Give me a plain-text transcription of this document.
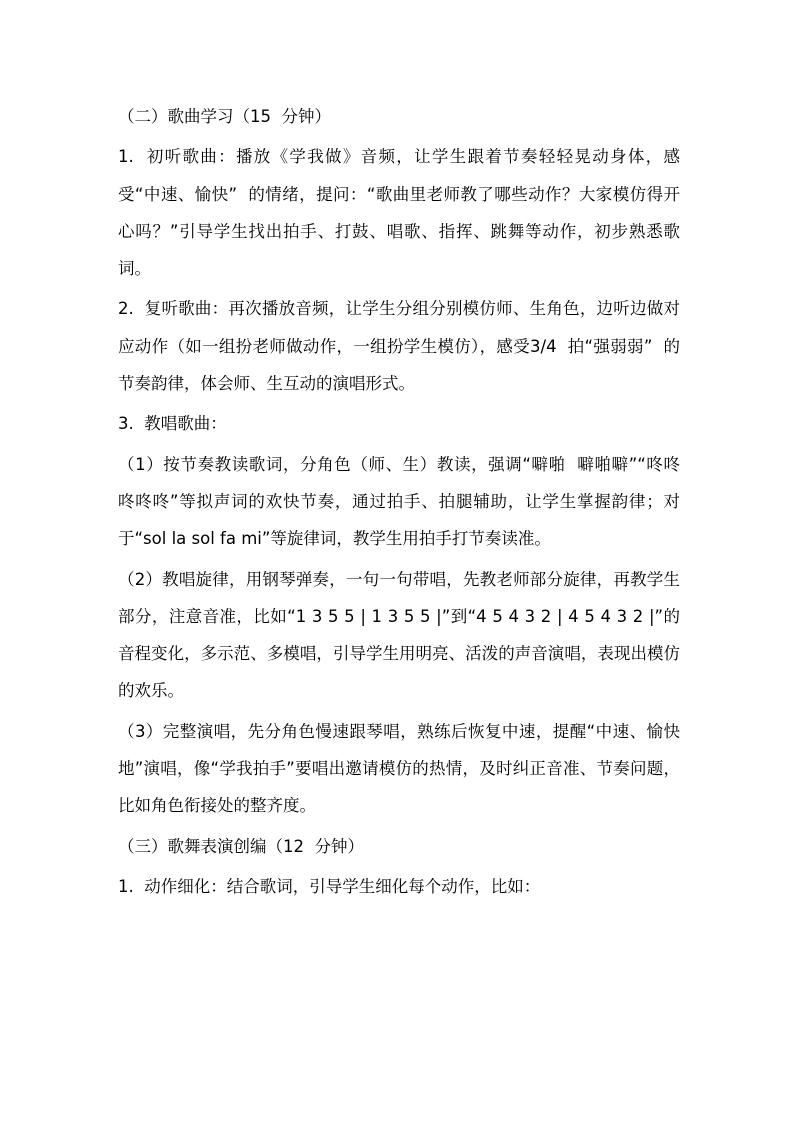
（二）歌曲学习（15  分钟）

1.  初听歌曲：播放《学我做》音频，让学生跟着节奏轻轻晃动身体，感受“中速、愉快”  的情绪，提问：“歌曲里老师教了哪些动作？大家模仿得开心吗？”引导学生找出拍手、打鼓、唱歌、指挥、跳舞等动作，初步熟悉歌词。

2.  复听歌曲：再次播放音频，让学生分组分别模仿师、生角色，边听边做对应动作（如一组扮老师做动作，一组扮学生模仿），感受3/4  拍“强弱弱”  的节奏韵律，体会师、生互动的演唱形式。

3.  教唱歌曲：

（1）按节奏教读歌词，分角色（师、生）教读，强调“噼啪  噼啪噼”“咚咚  咚咚咚”等拟声词的欢快节奏，通过拍手、拍腿辅助，让学生掌握韵律；对于“sol la sol fa mi”等旋律词，教学生用拍手打节奏读准。

（2）教唱旋律，用钢琴弹奏，一句一句带唱，先教老师部分旋律，再教学生部分，注意音准，比如“1 3 5 5 | 1 3 5 5 |”到“4 5 4 3 2 | 4 5 4 3 2 |”的音程变化，多示范、多模唱，引导学生用明亮、活泼的声音演唱，表现出模仿的欢乐。

（3）完整演唱，先分角色慢速跟琴唱，熟练后恢复中速，提醒“中速、愉快地”演唱，像“学我拍手”要唱出邀请模仿的热情，及时纠正音准、节奏问题，比如角色衔接处的整齐度。

（三）歌舞表演创编（12  分钟）

1.  动作细化：结合歌词，引导学生细化每个动作，比如：
